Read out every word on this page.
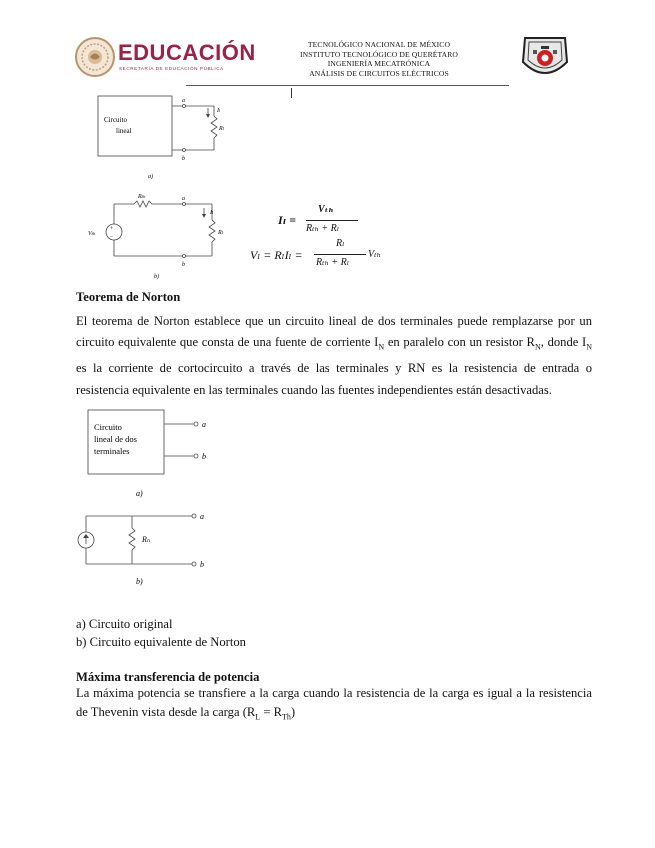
EDUCACIÓN
SECRETARÍA DE EDUCACIÓN PÚBLICA
TECNOLÓGICO NACIONAL DE MÉXICO
INSTITUTO TECNOLÓGICO DE QUERÉTARO
INGENIERÍA MECATRÓNICA
ANÁLISIS DE CIRCUITOS ELÉCTRICOS
Circuito
lineal
a
b
Iₗ
Rₗ
a)
+
−
Rₜₕ
Vₜₕ
a
b
Iₗ
Rₗ
b)
Iₗ =
Vₜₕ
Rₜₕ + Rₗ
Vₗ = RₗIₗ =
Rₗ
Rₜₕ + Rₗ
Vₜₕ
Teorema de Norton
El teorema de Norton establece que un circuito lineal de dos terminales puede remplazarse por un circuito equivalente que consta de una fuente de corriente $I_N$ en paralelo con un resistor $R_N$, donde $I_N$ es la corriente de cortocircuito a través de las terminales y RN es la resistencia de entrada o resistencia equivalente en las terminales cuando las fuentes independientes están desactivadas.
Circuito
lineal de dos
terminales
a
b
a)
Rₙ
a
b
b)
a) Circuito original
b) Circuito equivalente de Norton
Máxima transferencia de potencia
La máxima potencia se transfiere a la carga cuando la resistencia de la carga es igual a la resistencia de Thevenin vista desde la carga $(R_L = R_{Th})$
